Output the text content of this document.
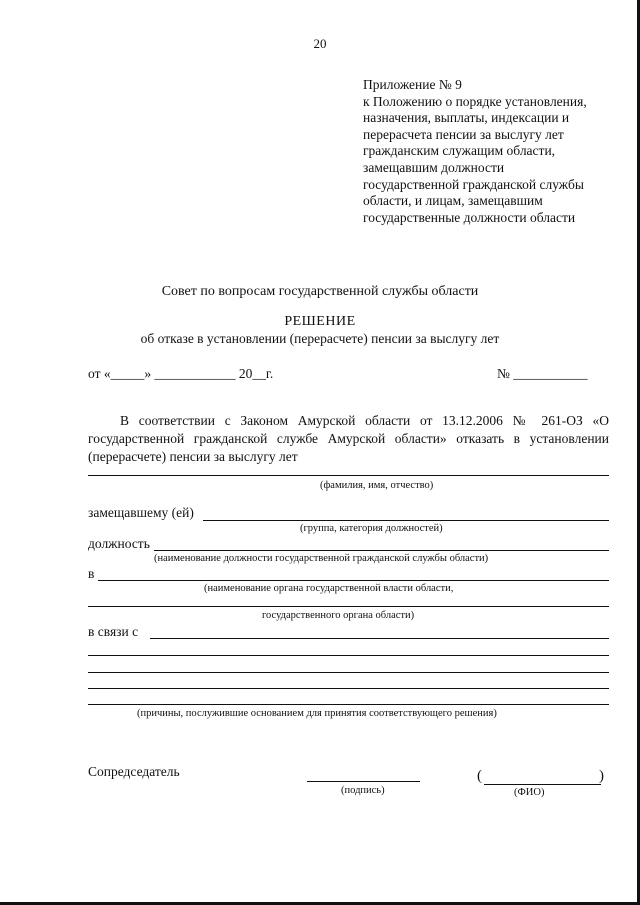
20
Приложение № 9
к Положению о порядке установления,
назначения, выплаты, индексации и
перерасчета пенсии за выслугу лет
гражданским служащим области,
замещавшим должности
государственной гражданской службы
области, и лицам, замещавшим
государственные должности области
Совет по вопросам государственной службы области
РЕШЕНИЕ
об отказе в установлении (перерасчете) пенсии за выслугу лет
от «_____» ____________ 20__г.	№ ___________
В соответствии с Законом Амурской области от 13.12.2006 № 261-ОЗ «О государственной гражданской службе Амурской области» отказать в установлении (перерасчете) пенсии за выслугу лет
(фамилия, имя, отчество)
замещавшему (ей)
(группа, категория должностей)
должность
(наименование должности государственной гражданской службы области)
в
(наименование органа государственной власти области,
государственного органа области)
в связи с
(причины, послужившие основанием для принятия соответствующего решения)
Сопредседатель
(подпись)
(	)
(ФИО)
